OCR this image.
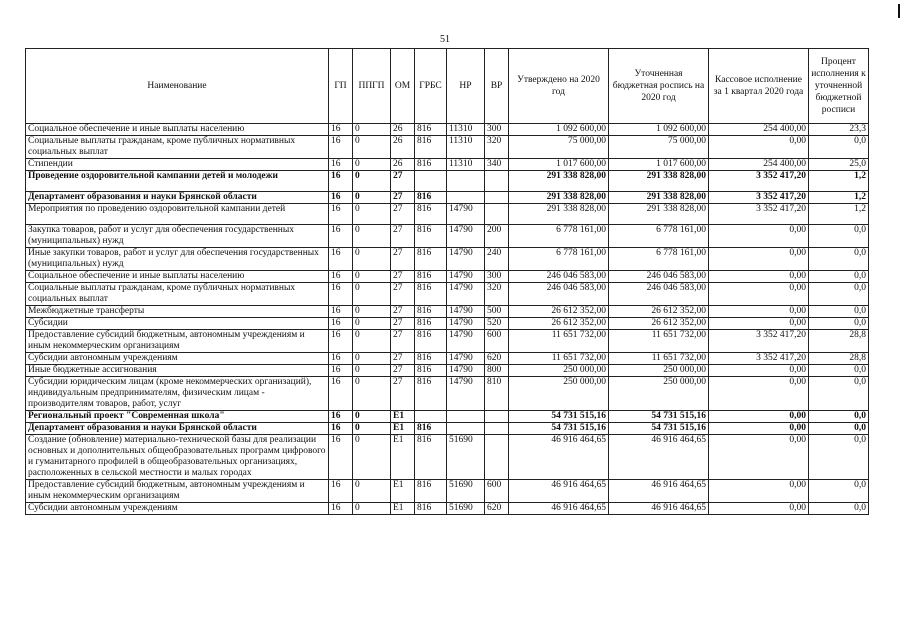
51
Наименование	ГП	ППГП	ОМ	ГРБС	НР	ВР	Утверждено на 2020 год	Уточненная бюджетная роспись на 2020 год	Кассовое исполнение за 1 квартал 2020 года	Процент исполнения к уточненной бюджетной росписи
Социальное обеспечение и иные выплаты населению	16	0	26	816	11310	300	1 092 600,00	1 092 600,00	254 400,00	23,3
Социальные выплаты гражданам, кроме публичных нормативных социальных выплат	16	0	26	816	11310	320	75 000,00	75 000,00	0,00	0,0
Стипендии	16	0	26	816	11310	340	1 017 600,00	1 017 600,00	254 400,00	25,0
Проведение оздоровительной кампании детей и молодежи	16	0	27				291 338 828,00	291 338 828,00	3 352 417,20	1,2
Департамент образования и науки Брянской области	16	0	27	816			291 338 828,00	291 338 828,00	3 352 417,20	1,2
Мероприятия по проведению оздоровительной кампании детей	16	0	27	816	14790		291 338 828,00	291 338 828,00	3 352 417,20	1,2
Закупка товаров, работ и услуг для обеспечения государственных (муниципальных) нужд	16	0	27	816	14790	200	6 778 161,00	6 778 161,00	0,00	0,0
Иные закупки товаров, работ и услуг для обеспечения государственных (муниципальных) нужд	16	0	27	816	14790	240	6 778 161,00	6 778 161,00	0,00	0,0
Социальное обеспечение и иные выплаты населению	16	0	27	816	14790	300	246 046 583,00	246 046 583,00	0,00	0,0
Социальные выплаты гражданам, кроме публичных нормативных социальных выплат	16	0	27	816	14790	320	246 046 583,00	246 046 583,00	0,00	0,0
Межбюджетные трансферты	16	0	27	816	14790	500	26 612 352,00	26 612 352,00	0,00	0,0
Субсидии	16	0	27	816	14790	520	26 612 352,00	26 612 352,00	0,00	0,0
Предоставление субсидий бюджетным, автономным учреждениям и иным некоммерческим организациям	16	0	27	816	14790	600	11 651 732,00	11 651 732,00	3 352 417,20	28,8
Субсидии автономным учреждениям	16	0	27	816	14790	620	11 651 732,00	11 651 732,00	3 352 417,20	28,8
Иные бюджетные ассигнования	16	0	27	816	14790	800	250 000,00	250 000,00	0,00	0,0
Субсидии юридическим лицам (кроме некоммерческих организаций), индивидуальным предпринимателям, физическим лицам - производителям товаров, работ, услуг	16	0	27	816	14790	810	250 000,00	250 000,00	0,00	0,0
Региональный проект "Современная школа"	16	0	E1				54 731 515,16	54 731 515,16	0,00	0,0
Департамент образования и науки Брянской области	16	0	E1	816			54 731 515,16	54 731 515,16	0,00	0,0
Создание (обновление) материально-технической базы для реализации основных и дополнительных общеобразовательных программ цифрового и гуманитарного профилей в общеобразовательных организациях, расположенных в сельской местности и малых городах	16	0	E1	816	51690		46 916 464,65	46 916 464,65	0,00	0,0
Предоставление субсидий бюджетным, автономным учреждениям и иным некоммерческим организациям	16	0	E1	816	51690	600	46 916 464,65	46 916 464,65	0,00	0,0
Субсидии автономным учреждениям	16	0	E1	816	51690	620	46 916 464,65	46 916 464,65	0,00	0,0
